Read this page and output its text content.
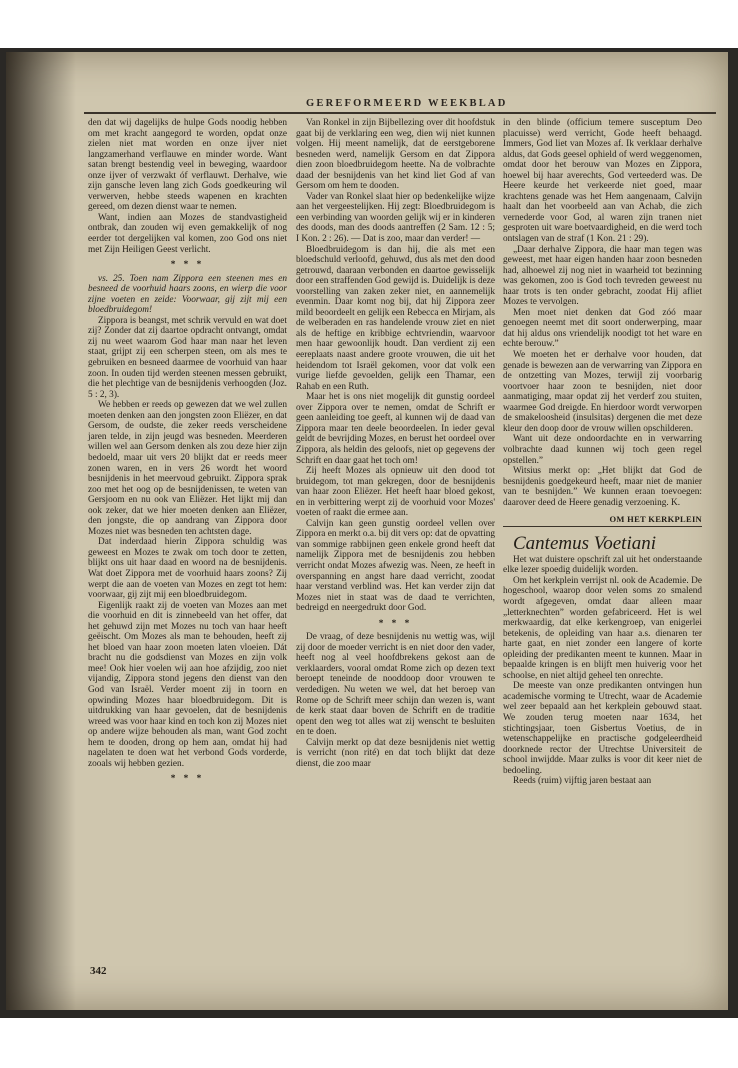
GEREFORMEERD WEEKBLAD

den dat wij dagelijks de hulpe Gods noodig hebben om met kracht aangegord te worden, opdat onze zielen niet mat worden en onze ijver niet langzamerhand verflauwe en minder worde. Want satan brengt bestendig veel in beweging, waardoor onze ijver of verzwakt óf verflauwt. Derhalve, wie zijn gansche leven lang zich Gods goedkeuring wil verwerven, hebbe steeds wapenen en krachten gereed, om dezen dienst waar te nemen.

Want, indien aan Mozes de standvastigheid ontbrak, dan zouden wij even gemakkelijk of nog eerder tot dergelijken val komen, zoo God ons niet met Zijn Heiligen Geest verlicht.

* * *

vs. 25. Toen nam Zippora een steenen mes en besneed de voorhuid haars zoons, en wierp die voor zijne voeten en zeide: Voorwaar, gij zijt mij een bloedbruidegom!

Zippora is beangst, met schrik vervuld en wat doet zij? Zonder dat zij daartoe opdracht ontvangt, omdat zij nu weet waarom God haar man naar het leven staat, grijpt zij een scherpen steen, om als mes te gebruiken en besneed daarmee de voorhuid van haar zoon. In ouden tijd werden steenen messen gebruikt, die het plechtige van de besnijdenis verhoogden (Joz. 5 : 2, 3).

We hebben er reeds op gewezen dat we wel zullen moeten denken aan den jongsten zoon Eliëzer, en dat Gersom, de oudste, die zeker reeds verscheidene jaren telde, in zijn jeugd was besneden. Meerderen willen wel aan Gersom denken als zou deze hier zijn bedoeld, maar uit vers 20 blijkt dat er reeds meer zonen waren, en in vers 26 wordt het woord besnijdenis in het meervoud gebruikt. Zippora sprak zoo met het oog op de besnijdenissen, te weten van Gersjoom en nu ook van Eliëzer. Het lijkt mij dan ook zeker, dat we hier moeten denken aan Eliëzer, den jongste, die op aandrang van Zippora door Mozes niet was besneden ten achtsten dage.

Dat inderdaad hierin Zippora schuldig was geweest en Mozes te zwak om toch door te zetten, blijkt ons uit haar daad en woord na de besnijdenis. Wat doet Zippora met de voorhuid haars zoons? Zij werpt die aan de voeten van Mozes en zegt tot hem: voorwaar, gij zijt mij een bloedbruidegom.

Eigenlijk raakt zij de voeten van Mozes aan met die voorhuid en dit is zinnebeeld van het offer, dat het gehuwd zijn met Mozes nu toch van haar heeft geëischt. Om Mozes als man te behouden, heeft zij het bloed van haar zoon moeten laten vloeien. Dát bracht nu die godsdienst van Mozes en zijn volk mee! Ook hier voelen wij aan hoe afzijdig, zoo niet vijandig, Zippora stond jegens den dienst van den God van Israël. Verder moent zij in toorn en opwinding Mozes haar bloedbruidegom. Dit is uitdrukking van haar gevoelen, dat de besnijdenis wreed was voor haar kind en toch kon zij Mozes niet op andere wijze behouden als man, want God zocht hem te dooden, drong op hem aan, omdat hij had nagelaten te doen wat het verbond Gods vorderde, zooals wij hebben gezien.

* * *

Van Ronkel in zijn Bijbellezing over dit hoofdstuk gaat bij de verklaring een weg, dien wij niet kunnen volgen. Hij meent namelijk, dat de eerstgeborene besneden werd, namelijk Gersom en dat Zippora dien zoon bloedbruidegom heette. Na de volbrachte daad der besnijdenis van het kind liet God af van Gersom om hem te dooden.

Vader van Ronkel slaat hier op bedenkelijke wijze aan het vergeestelijken. Hij zegt: Bloedbruidegom is een verbinding van woorden gelijk wij er in kinderen des doods, man des doods aantreffen (2 Sam. 12 : 5; I Kon. 2 : 26). — Dat is zoo, maar dan verder! —

Bloedbruidegom is dan hij, die als met een bloedschuld verloofd, gehuwd, dus als met den dood getrouwd, daaraan verbonden en daartoe gewisselijk door een straffenden God gewijd is. Duidelijk is deze voorstelling van zaken zeker niet, en aannemelijk evenmin. Daar komt nog bij, dat hij Zippora zeer mild beoordeelt en gelijk een Rebecca en Mirjam, als de welberaden en ras handelende vrouw ziet en niet als de heftige en kribbige echtvriendin, waarvoor men haar gewoonlijk houdt. Dan verdient zij een eereplaats naast andere groote vrouwen, die uit het heidendom tot Israël gekomen, voor dat volk een vurige liefde gevoelden, gelijk een Thamar, een Rahab en een Ruth.

Maar het is ons niet mogelijk dit gunstig oordeel over Zippora over te nemen, omdat de Schrift er geen aanleiding toe geeft, al kunnen wij de daad van Zippora maar ten deele beoordeelen. In ieder geval geldt de bevrijding Mozes, en berust het oordeel over Zippora, als heldin des geloofs, niet op gegevens der Schrift en daar gaat het toch om!

Zij heeft Mozes als opnieuw uit den dood tot bruidegom, tot man gekregen, door de besnijdenis van haar zoon Eliëzer. Het heeft haar bloed gekost, en in verbittering werpt zij de voorhuid voor Mozes' voeten of raakt die ermee aan.

Calvijn kan geen gunstig oordeel vellen over Zippora en merkt o.a. bij dit vers op: dat de opvatting van sommige rabbijnen geen enkele grond heeft dat namelijk Zippora met de besnijdenis zou hebben verricht ondat Mozes afwezig was. Neen, ze heeft in overspanning en angst hare daad verricht, zoodat haar verstand verblind was. Het kan verder zijn dat Mozes niet in staat was de daad te verrichten, bedreigd en neergedrukt door God.

* * *

De vraag, of deze besnijdenis nu wettig was, wijl zij door de moeder verricht is en niet door den vader, heeft nog al veel hoofdbrekens gekost aan de verklaarders, vooral omdat Rome zich op dezen text beroept teneinde de nooddoop door vrouwen te verdedigen. Nu weten we wel, dat het beroep van Rome op de Schrift meer schijn dan wezen is, want de kerk staat daar boven de Schrift en de traditie opent den weg tot alles wat zij wenscht te besluiten en te doen.

Calvijn merkt op dat deze besnijdenis niet wettig is verricht (non rité) en dat toch blijkt dat deze dienst, die zoo maar

in den blinde (officium temere susceptum Deo placuisse) werd verricht, Gode heeft behaagd. Immers, God liet van Mozes af. Ik verklaar derhalve aldus, dat Gods geesel ophield of werd weggenomen, omdat door het berouw van Mozes en Zippora, hoewel bij haar averechts, God verteederd was. De Heere keurde het verkeerde niet goed, maar krachtens genade was het Hem aangenaam, Calvijn haalt dan het voorbeeld aan van Achab, die zich vernederde voor God, al waren zijn tranen niet gesproten uit ware boetvaardigheid, en die werd toch ontslagen van de straf (1 Kon. 21 : 29).

„Daar derhalve Zippora, die haar man tegen was geweest, met haar eigen handen haar zoon besneden had, alhoewel zij nog niet in waarheid tot bezinning was gekomen, zoo is God toch tevreden geweest nu haar trots is ten onder gebracht, zoodat Hij afliet Mozes te vervolgen.

Men moet niet denken dat God zóó maar genoegen neemt met dit soort onderwerping, maar dat hij aldus ons vriendelijk noodigt tot het ware en echte berouw.”

We moeten het er derhalve voor houden, dat genade is bewezen aan de verwarring van Zippora en de ontzetting van Mozes, terwijl zij voorbarig voortvoer haar zoon te besnijden, niet door aanmatiging, maar opdat zij het verderf zou stuiten, waarmee God dreigde. En hierdoor wordt verworpen de smakeloosheid (insulsitas) dergenen die met deze kleur den doop door de vrouw willen opschilderen.

Want uit deze ondoordachte en in verwarring volbrachte daad kunnen wij toch geen regel opstellen.”

Witsius merkt op: „Het blijkt dat God de besnijdenis goedgekeurd heeft, maar niet de manier van te besnijden.” We kunnen eraan toevoegen: daarover deed de Heere genadig verzoening. K.

OM HET KERKPLEIN

Cantemus Voetiani

Het wat duistere opschrift zal uit het onderstaande elke lezer spoedig duidelijk worden.

Om het kerkplein verrijst nl. ook de Academie. De hogeschool, waarop door velen soms zo smalend wordt afgegeven, omdat daar alleen maar „letterknechten” worden gefabriceerd. Het is wel merkwaardig, dat elke kerkengroep, van enigerlei betekenis, de opleiding van haar a.s. dienaren ter harte gaat, en niet zonder een langere of korte opleiding der predikanten meent te kunnen. Maar in bepaalde kringen is en blijft men huiverig voor het schoolse, en niet altijd geheel ten onrechte.

De meeste van onze predikanten ontvingen hun academische vorming te Utrecht, waar de Academie wel zeer bepaald aan het kerkplein gebouwd staat. We zouden terug moeten naar 1634, het stichtingsjaar, toen Gisbertus Voetius, de in wetenschappelijke en practische godgeleerdheid doorknede rector der Utrechtse Universiteit de school inwijdde. Maar zulks is voor dit keer niet de bedoeling.

Reeds (ruim) vijftig jaren bestaat aan

342
